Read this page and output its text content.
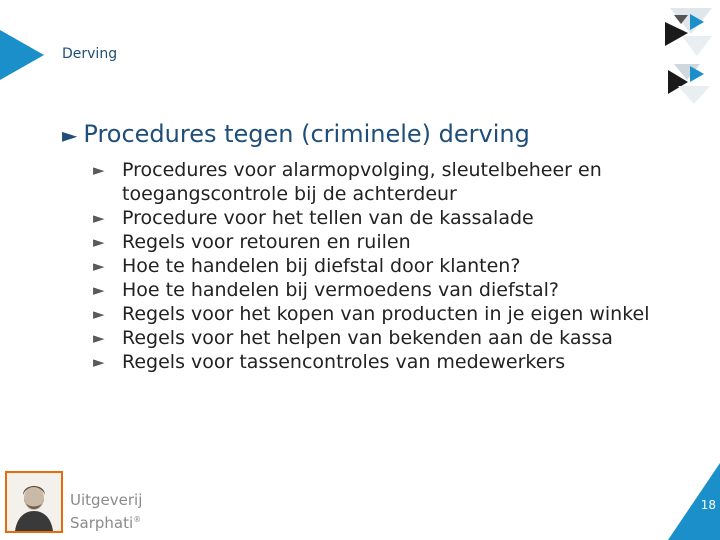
Derving
► Procedures tegen (criminele) derving
► Procedures voor alarmopvolging, sleutelbeheer en toegangscontrole bij de achterdeur
► Procedure voor het tellen van de kassalade
► Regels voor retouren en ruilen
► Hoe te handelen bij diefstal door klanten?
► Hoe te handelen bij vermoedens van diefstal?
► Regels voor het kopen van producten in je eigen winkel
► Regels voor het helpen van bekenden aan de kassa
► Regels voor tassencontroles van medewerkers
Uitgeverij
Sarphati®
18
